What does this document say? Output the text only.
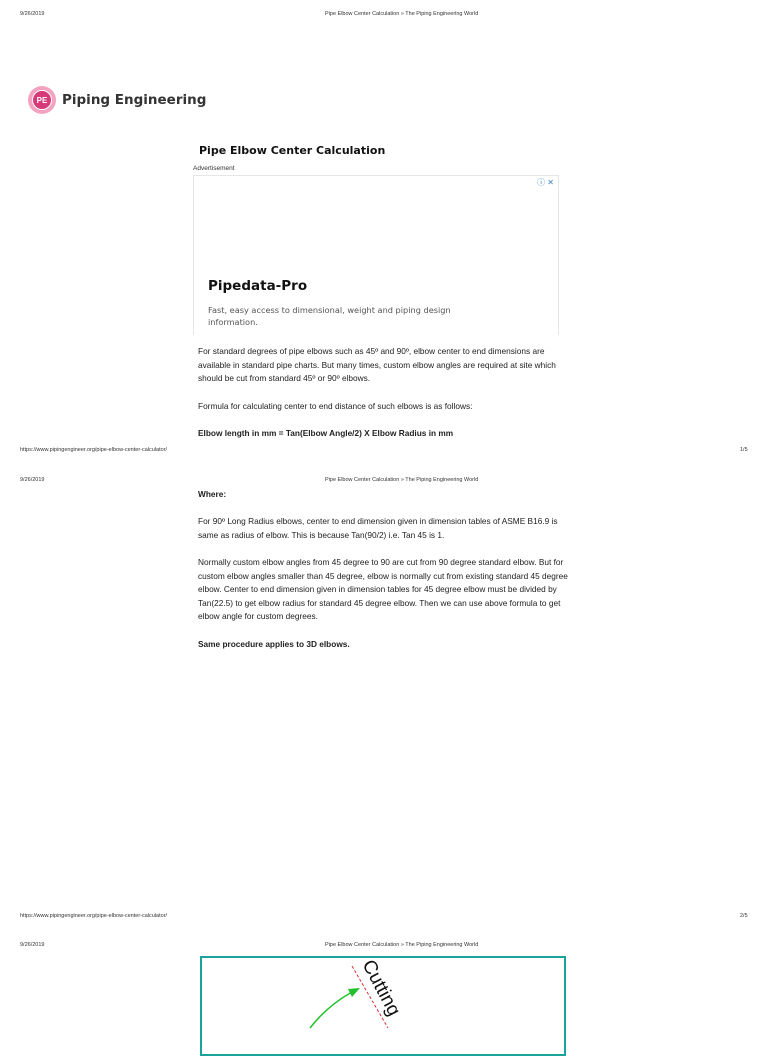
9/26/2019	Pipe Elbow Center Calculation » The Piping Engineering World
PE	Piping Engineering
Pipe Elbow Center Calculation
Advertisement
ⓘ ✕
Pipedata-Pro
Fast, easy access to dimensional, weight and piping design information.
For standard degrees of pipe elbows such as 45º and 90º, elbow center to end dimensions are available in standard pipe charts. But many times, custom elbow angles are required at site which should be cut from standard 45º or 90º elbows.
Formula for calculating center to end distance of such elbows is as follows:
Elbow length in mm = Tan(Elbow Angle/2) X Elbow Radius in mm
https://www.pipingengineer.org/pipe-elbow-center-calculator/	1/5
9/26/2019	Pipe Elbow Center Calculation » The Piping Engineering World
Where:
For 90º Long Radius elbows, center to end dimension given in dimension tables of ASME B16.9 is same as radius of elbow. This is because Tan(90/2) i.e. Tan 45 is 1.
Normally custom elbow angles from 45 degree to 90 are cut from 90 degree standard elbow. But for custom elbow angles smaller than 45 degree, elbow is normally cut from existing standard 45 degree elbow. Center to end dimension given in dimension tables for 45 degree elbow must be divided by Tan(22.5) to get elbow radius for standard 45 degree elbow. Then we can use above formula to get elbow angle for custom degrees.
Same procedure applies to 3D elbows.
https://www.pipingengineer.org/pipe-elbow-center-calculator/	2/5
9/26/2019	Pipe Elbow Center Calculation » The Piping Engineering World
Cutting
